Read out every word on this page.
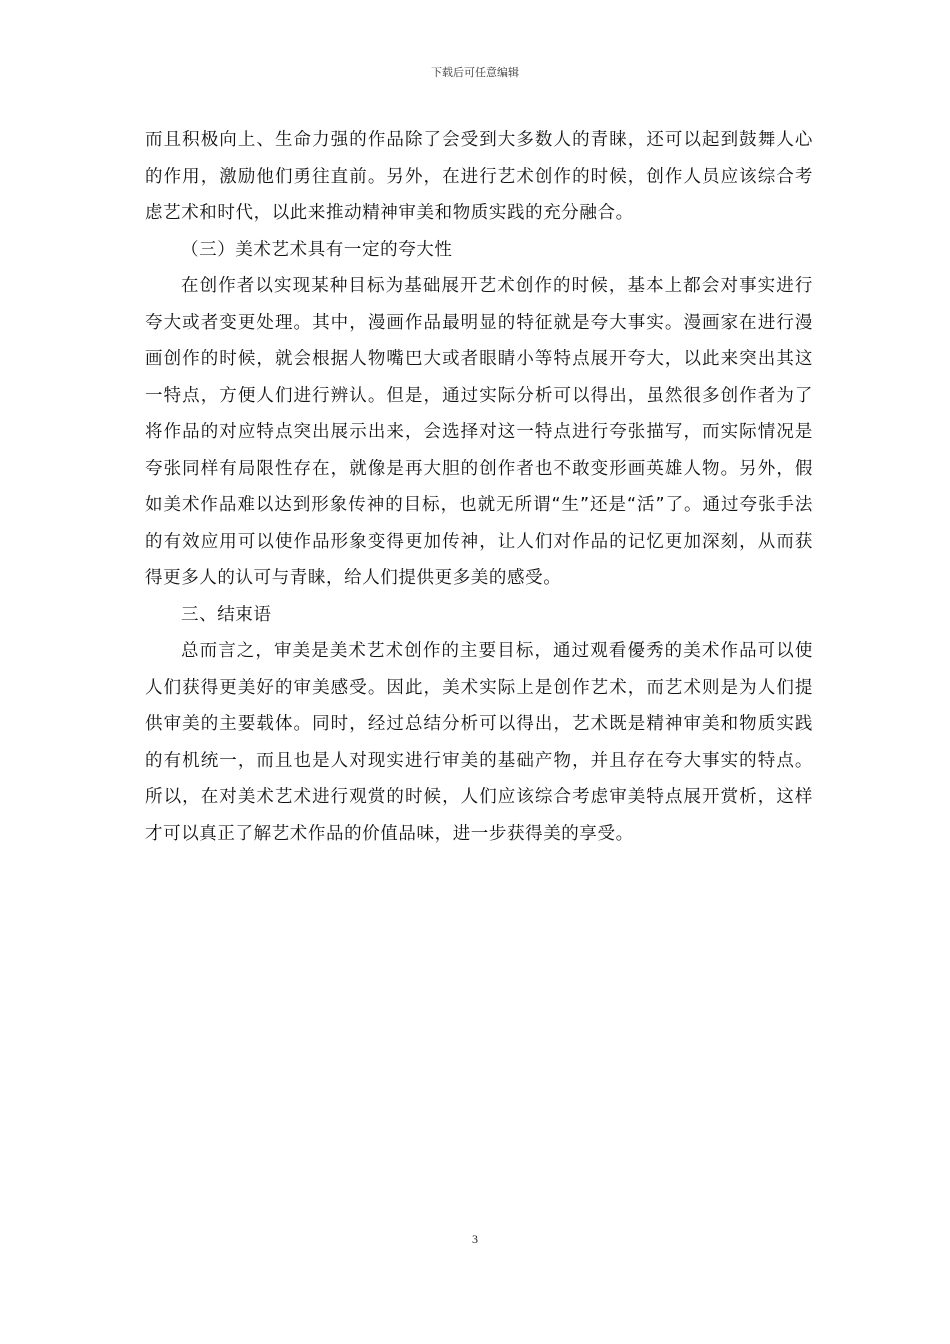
下载后可任意编辑

而且积极向上、生命力强的作品除了会受到大多数人的青睐，还可以起到鼓舞人心的作用，激励他们勇往直前。另外，在进行艺术创作的时候，创作人员应该综合考虑艺术和时代，以此来推动精神审美和物质实践的充分融合。

（三）美术艺术具有一定的夸大性

在创作者以实现某种目标为基础展开艺术创作的时候，基本上都会对事实进行夸大或者变更处理。其中，漫画作品最明显的特征就是夸大事实。漫画家在进行漫画创作的时候，就会根据人物嘴巴大或者眼睛小等特点展开夸大，以此来突出其这一特点，方便人们进行辨认。但是，通过实际分析可以得出，虽然很多创作者为了将作品的对应特点突出展示出来，会选择对这一特点进行夸张描写，而实际情况是夸张同样有局限性存在，就像是再大胆的创作者也不敢变形画英雄人物。另外，假如美术作品难以达到形象传神的目标，也就无所谓“生”还是“活”了。通过夸张手法的有效应用可以使作品形象变得更加传神，让人们对作品的记忆更加深刻，从而获得更多人的认可与青睐，给人们提供更多美的感受。

三、结束语

总而言之，审美是美术艺术创作的主要目标，通过观看優秀的美术作品可以使人们获得更美好的审美感受。因此，美术实际上是创作艺术，而艺术则是为人们提供审美的主要载体。同时，经过总结分析可以得出，艺术既是精神审美和物质实践的有机统一，而且也是人对现实进行审美的基础产物，并且存在夸大事实的特点。所以，在对美术艺术进行观赏的时候，人们应该综合考虑审美特点展开赏析，这样才可以真正了解艺术作品的价值品味，进一步获得美的享受。

3
